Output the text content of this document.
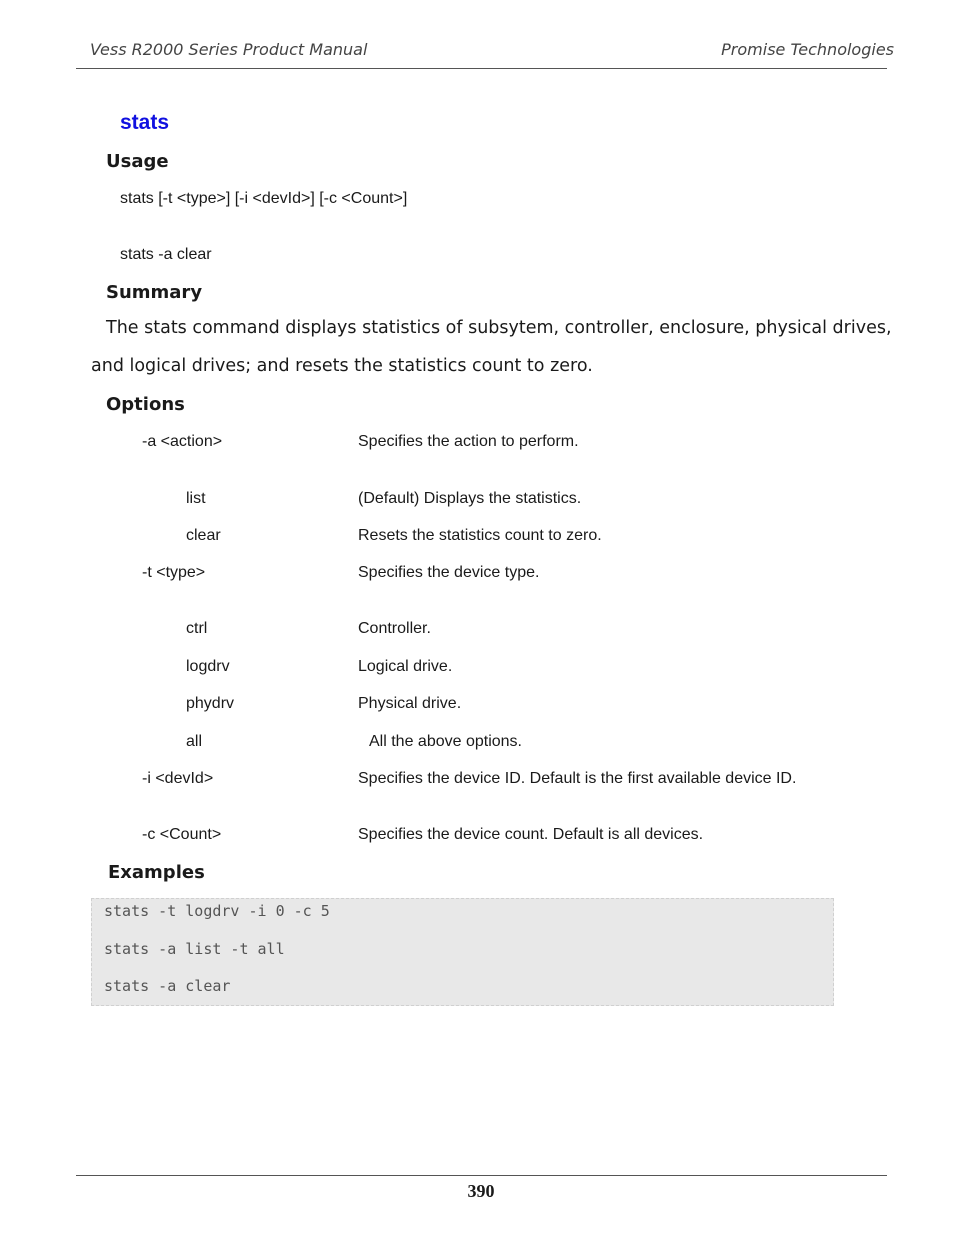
Vess R2000 Series Product Manual	Promise Technologies
stats
Usage
stats [-t <type>] [-i <devId>] [-c <Count>]
stats -a clear
Summary
The stats command displays statistics of subsytem, controller, enclosure, physical drives,
and logical drives; and resets the statistics count to zero.
Options
-a <action>	Specifies the action to perform.
list	(Default) Displays the statistics.
clear	Resets the statistics count to zero.
-t <type>	Specifies the device type.
ctrl	Controller.
logdrv	Logical drive.
phydrv	Physical drive.
all	All the above options.
-i <devId>	Specifies the device ID. Default is the first available device ID.
-c <Count>	Specifies the device count. Default is all devices.
Examples
stats -t logdrv -i 0 -c 5
stats -a list -t all
stats -a clear
390
